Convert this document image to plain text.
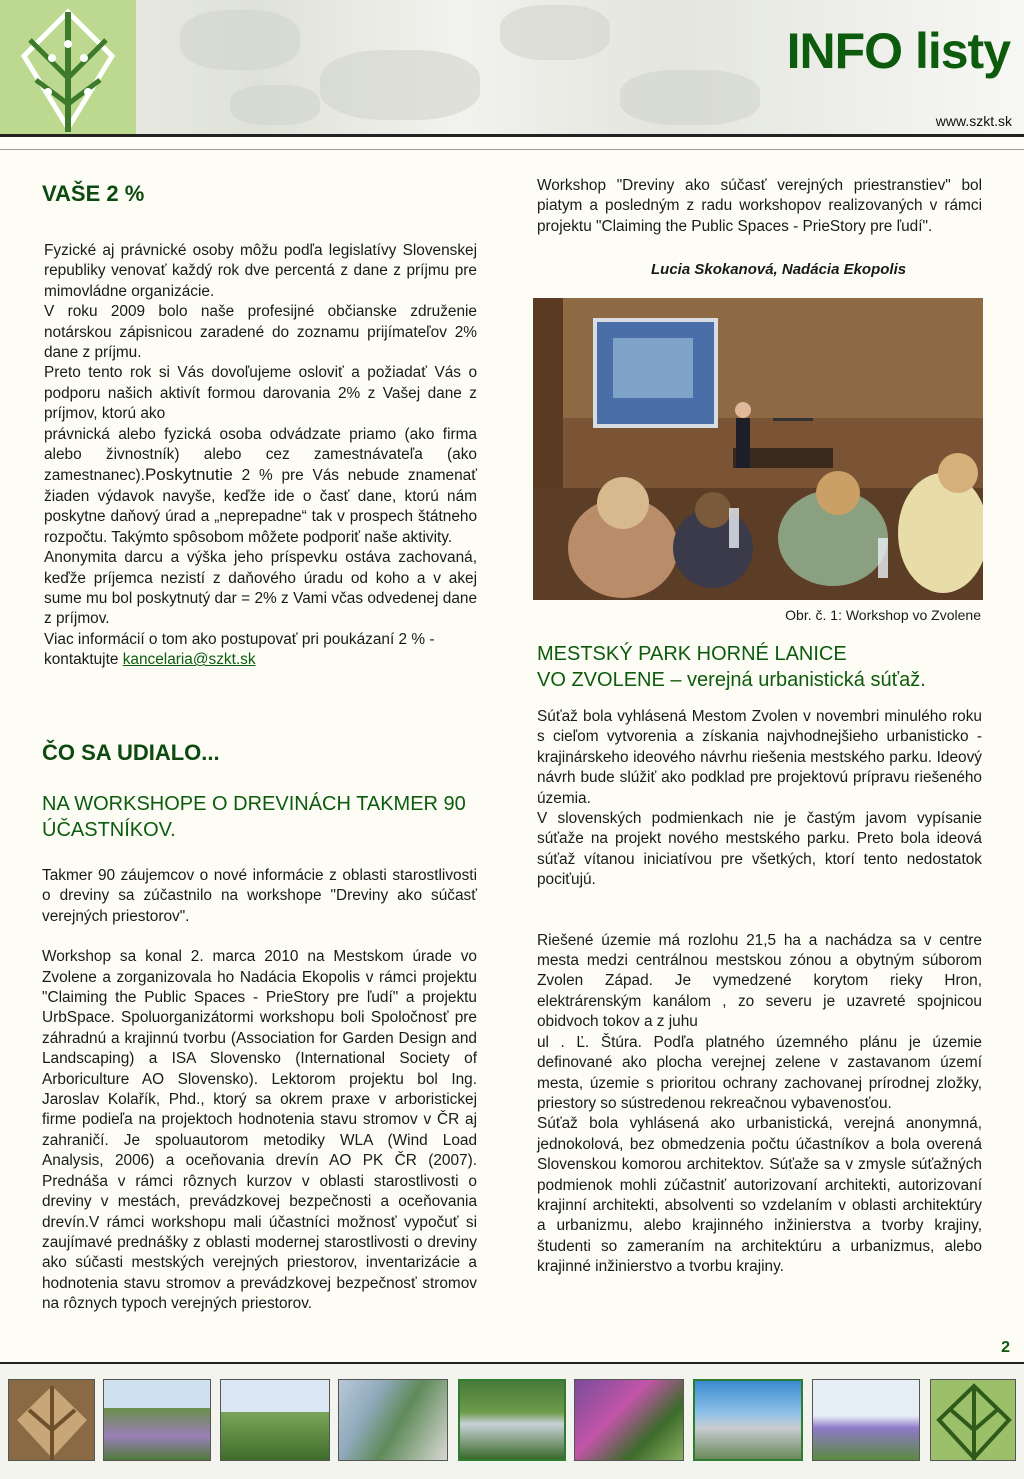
INFO listy
www.szkt.sk
VAŠE 2 %

Fyzické aj právnické osoby môžu podľa legislatívy Slovenskej republiky venovať každý rok dve percentá z dane z príjmu pre mimovládne organizácie.

V roku 2009 bolo naše profesijné občianske združenie notárskou zápisnicou zaradené do zoznamu prijímateľov 2% dane z príjmu.

Preto tento rok si Vás dovoľujeme osloviť a požiadať Vás o podporu našich aktivít formou darovania 2% z Vašej dane z príjmov, ktorú ako

právnická alebo fyzická osoba odvádzate priamo (ako firma alebo živnostník) alebo cez zamestnávateľa (ako zamestnanec).Poskytnutie 2 % pre Vás nebude znamenať žiaden výdavok navyše, keďže ide o časť dane, ktorú nám poskytne daňový úrad a „neprepadne“ tak v prospech štátneho rozpočtu. Takýmto spôsobom môžete podporiť naše aktivity.

Anonymita darcu a výška jeho príspevku ostáva zachovaná, keďže príjemca nezistí z daňového úradu od koho a v akej sume mu bol poskytnutý dar = 2% z Vami včas odvedenej dane z príjmov.

Viac informácií o tom ako postupovať pri poukázaní 2 % - kontaktujte kancelaria@szkt.sk

ČO SA UDIALO...
NA WORKSHOPE O DREVINÁCH TAKMER 90 ÚČASTNÍKOV.

Takmer 90 záujemcov o nové informácie z oblasti starostlivosti o dreviny sa zúčastnilo na workshope "Dreviny ako súčasť verejných priestorov".

Workshop sa konal 2. marca 2010 na Mestskom úrade vo Zvolene a zorganizovala ho Nadácia Ekopolis v rámci projektu "Claiming the Public Spaces - PrieStory pre ľudí" a projektu UrbSpace. Spoluorganizátormi workshopu boli Spoločnosť pre záhradnú a krajinnú tvorbu (Association for Garden Design and Landscaping) a ISA Slovensko (International Society of Arboriculture AO Slovensko). Lektorom projektu bol Ing. Jaroslav Kolařík, Phd., ktorý sa okrem praxe v arboristickej firme podieľa na projektoch hodnotenia stavu stromov v ČR aj zahraničí. Je spoluautorom metodiky WLA (Wind Load Analysis, 2006) a oceňovania drevín AO PK ČR (2007). Prednáša v rámci rôznych kurzov v oblasti starostlivosti o dreviny v mestách, prevádzkovej bezpečnosti a oceňovania drevín.V rámci workshopu mali účastníci možnosť vypočuť si zaujímavé prednášky z oblasti modernej starostlivosti o dreviny ako súčasti mestských verejných priestorov, inventarizácie a hodnotenia stavu stromov a prevádzkovej bezpečnosť stromov na rôznych typoch verejných priestorov.

Workshop "Dreviny ako súčasť verejných priestranstiev" bol piatym a posledným z radu workshopov realizovaných v rámci projektu "Claiming the Public Spaces - PrieStory pre ľudí".

Lucia Skokanová, Nadácia Ekopolis
Obr. č. 1: Workshop vo Zvolene
MESTSKÝ PARK HORNÉ LANICE
VO ZVOLENE – verejná urbanistická súťaž.

Súťaž bola vyhlásená Mestom Zvolen v novembri minulého roku s cieľom vytvorenia a získania najvhodnejšieho urbanisticko - krajinárskeho ideového návrhu riešenia mestského parku. Ideový návrh bude slúžiť ako podklad pre projektovú prípravu riešeného územia.

V slovenských podmienkach nie je častým javom vypísanie súťaže na projekt nového mestského parku. Preto bola ideová súťaž vítanou iniciatívou pre všetkých, ktorí tento nedostatok pociťujú.

Riešené územie má rozlohu 21,5 ha a nachádza sa v centre mesta medzi centrálnou mestskou zónou a obytným súborom Zvolen Západ. Je vymedzené korytom rieky Hron, elektrárenským kanálom , zo severu je uzavreté spojnicou obidvoch tokov a z juhu

ul . Ľ. Štúra. Podľa platného územného plánu je územie definované ako plocha verejnej zelene v zastavanom území mesta, územie s prioritou ochrany zachovanej prírodnej zložky, priestory so sústredenou rekreačnou vybavenosťou.

Súťaž bola vyhlásená ako urbanistická, verejná anonymná, jednokolová, bez obmedzenia počtu účastníkov a bola overená Slovenskou komorou architektov. Súťaže sa v zmysle súťažných podmienok mohli zúčastniť autorizovaní architekti, autorizovaní krajinní architekti, absolventi so vzdelaním v oblasti architektúry a urbanizmu, alebo krajinného inžinierstva a tvorby krajiny, študenti so zameraním na architektúru a urbanizmus, alebo krajinné inžinierstvo a tvorbu krajiny.

2
